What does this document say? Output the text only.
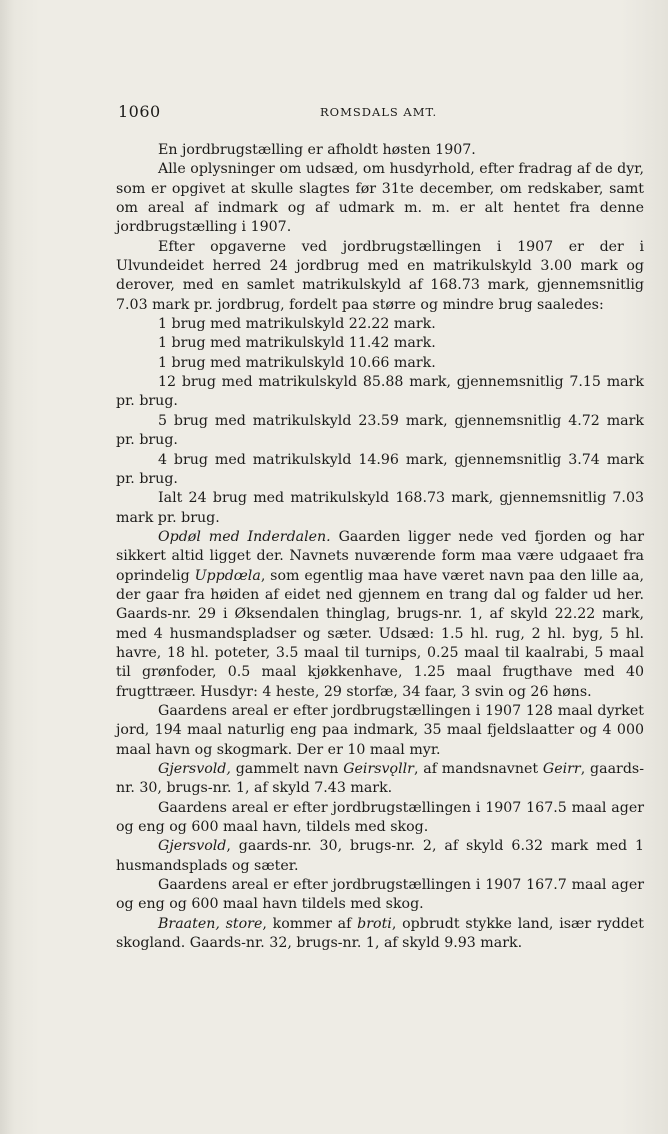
1060	ROMSDALS AMT.

En jordbrugstælling er afholdt høsten 1907.

Alle oplysninger om udsæd, om husdyrhold, efter fradrag af de dyr, som er opgivet at skulle slagtes før 31te december, om redskaber, samt om areal af indmark og af udmark m. m. er alt hentet fra denne jordbrugstælling i 1907.

Efter opgaverne ved jordbrugstællingen i 1907 er der i Ulvundeidet herred 24 jordbrug med en matrikulskyld 3.00 mark og derover, med en samlet matrikulskyld af 168.73 mark, gjennemsnitlig 7.03 mark pr. jordbrug, fordelt paa større og mindre brug saaledes:

1 brug med matrikulskyld 22.22 mark.

1 brug med matrikulskyld 11.42 mark.

1 brug med matrikulskyld 10.66 mark.

12 brug med matrikulskyld 85.88 mark, gjennemsnitlig 7.15 mark pr. brug.

5 brug med matrikulskyld 23.59 mark, gjennemsnitlig 4.72 mark pr. brug.

4 brug med matrikulskyld 14.96 mark, gjennemsnitlig 3.74 mark pr. brug.

Ialt 24 brug med matrikulskyld 168.73 mark, gjennemsnitlig 7.03 mark pr. brug.

Opdøl med Inderdalen. Gaarden ligger nede ved fjorden og har sikkert altid ligget der. Navnets nuværende form maa være udgaaet fra oprindelig Uppdœla, som egentlig maa have været navn paa den lille aa, der gaar fra høiden af eidet ned gjennem en trang dal og falder ud her. Gaards-nr. 29 i Øksendalen thinglag, brugs-nr. 1, af skyld 22.22 mark, med 4 husmandspladser og sæter. Udsæd: 1.5 hl. rug, 2 hl. byg, 5 hl. havre, 18 hl. poteter, 3.5 maal til turnips, 0.25 maal til kaalrabi, 5 maal til grønfoder, 0.5 maal kjøkkenhave, 1.25 maal frugthave med 40 frugttræer. Husdyr: 4 heste, 29 storfæ, 34 faar, 3 svin og 26 høns.

Gaardens areal er efter jordbrugstællingen i 1907 128 maal dyrket jord, 194 maal naturlig eng paa indmark, 35 maal fjeldslaatter og 4 000 maal havn og skogmark. Der er 10 maal myr.

Gjersvold, gammelt navn Geirsvǫllr, af mandsnavnet Geirr, gaards-nr. 30, brugs-nr. 1, af skyld 7.43 mark.

Gaardens areal er efter jordbrugstællingen i 1907 167.5 maal ager og eng og 600 maal havn, tildels med skog.

Gjersvold, gaards-nr. 30, brugs-nr. 2, af skyld 6.32 mark med 1 husmandsplads og sæter.

Gaardens areal er efter jordbrugstællingen i 1907 167.7 maal ager og eng og 600 maal havn tildels med skog.

Braaten, store, kommer af broti, opbrudt stykke land, især ryddet skogland. Gaards-nr. 32, brugs-nr. 1, af skyld 9.93 mark.
